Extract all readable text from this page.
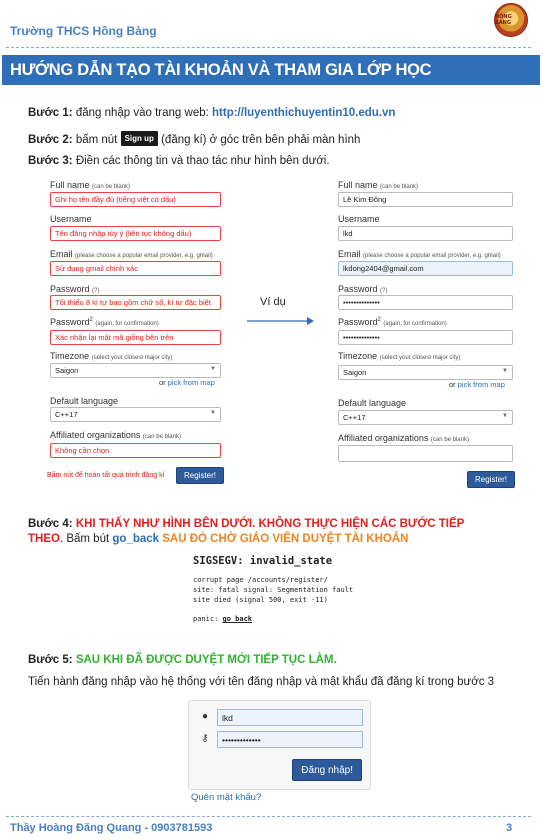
Trường THCS Hồng Bàng
HỒNG BÀNG
HƯỚNG DẪN TẠO TÀI KHOẢN VÀ THAM GIA LỚP HỌC
Bước 1: đăng nhập vào trang web: http://luyenthichuyentin10.edu.vn
Bước 2: bấm nút Sign up (đăng kí) ở góc trên bên phải màn hình
Bước 3: Điền các thông tin và thao tác như hình bên dưới.
Full name (can be blank)
Ghi họ tên đầy đủ (tiếng việt có dấu)
Username
Tên đăng nhập tùy ý (liên tục không dấu)
Email (please choose a popular email provider, e.g. gmail)
Sử dụng gmail chính xác
Password (?)
Tối thiểu 8 kí tự bao gồm chữ số, kí tự đặc biệt
Password$^2$ (again, for confirmation)
Xác nhận lại mật mã giống bên trên
Timezone (select your closest major city)
Saigon	▼
or pick from map
Default language
C++17	▼
Affiliated organizations (can be blank)
Không cần chọn
Bấm nút để hoàn tất quá trình đăng kí	Register!
Ví dụ
Full name (can be blank)
Lê Kim Đông
Username
lkd
Email (please choose a popular email provider, e.g. gmail)
lkdong2404@gmail.com
Password (?)
••••••••••••••
Password$^2$ (again, for confirmation)
••••••••••••••
Timezone (select your closest major city)
Saigon	▼
or pick from map
Default language
C++17	▼
Affiliated organizations (can be blank)
Register!
Bước 4: KHI THẤY NHƯ HÌNH BÊN DƯỚI. KHÔNG THỰC HIỆN CÁC BƯỚC TIẾP
THEO. Bấm bút go_back SAU ĐÓ CHỜ GIÁO VIÊN DUYỆT TÀI KHOẢN
SIGSEGV: invalid_state
corrupt page /accounts/register/
site: fatal signal: Segmentation fault
site died (signal 500, exit -11)
panic: go back
Bước 5: SAU KHI ĐÃ ĐƯỢC DUYỆT MỚI TIẾP TỤC LÀM.
Tiến hành đăng nhập vào hệ thống với tên đăng nhập và mật khẩu đã đăng kí trong bước 3
●	lkd
⚷	•••••••••••••
Đăng nhập!
Quên mật khẩu?
Thầy Hoàng Đăng Quang - 0903781593	3
